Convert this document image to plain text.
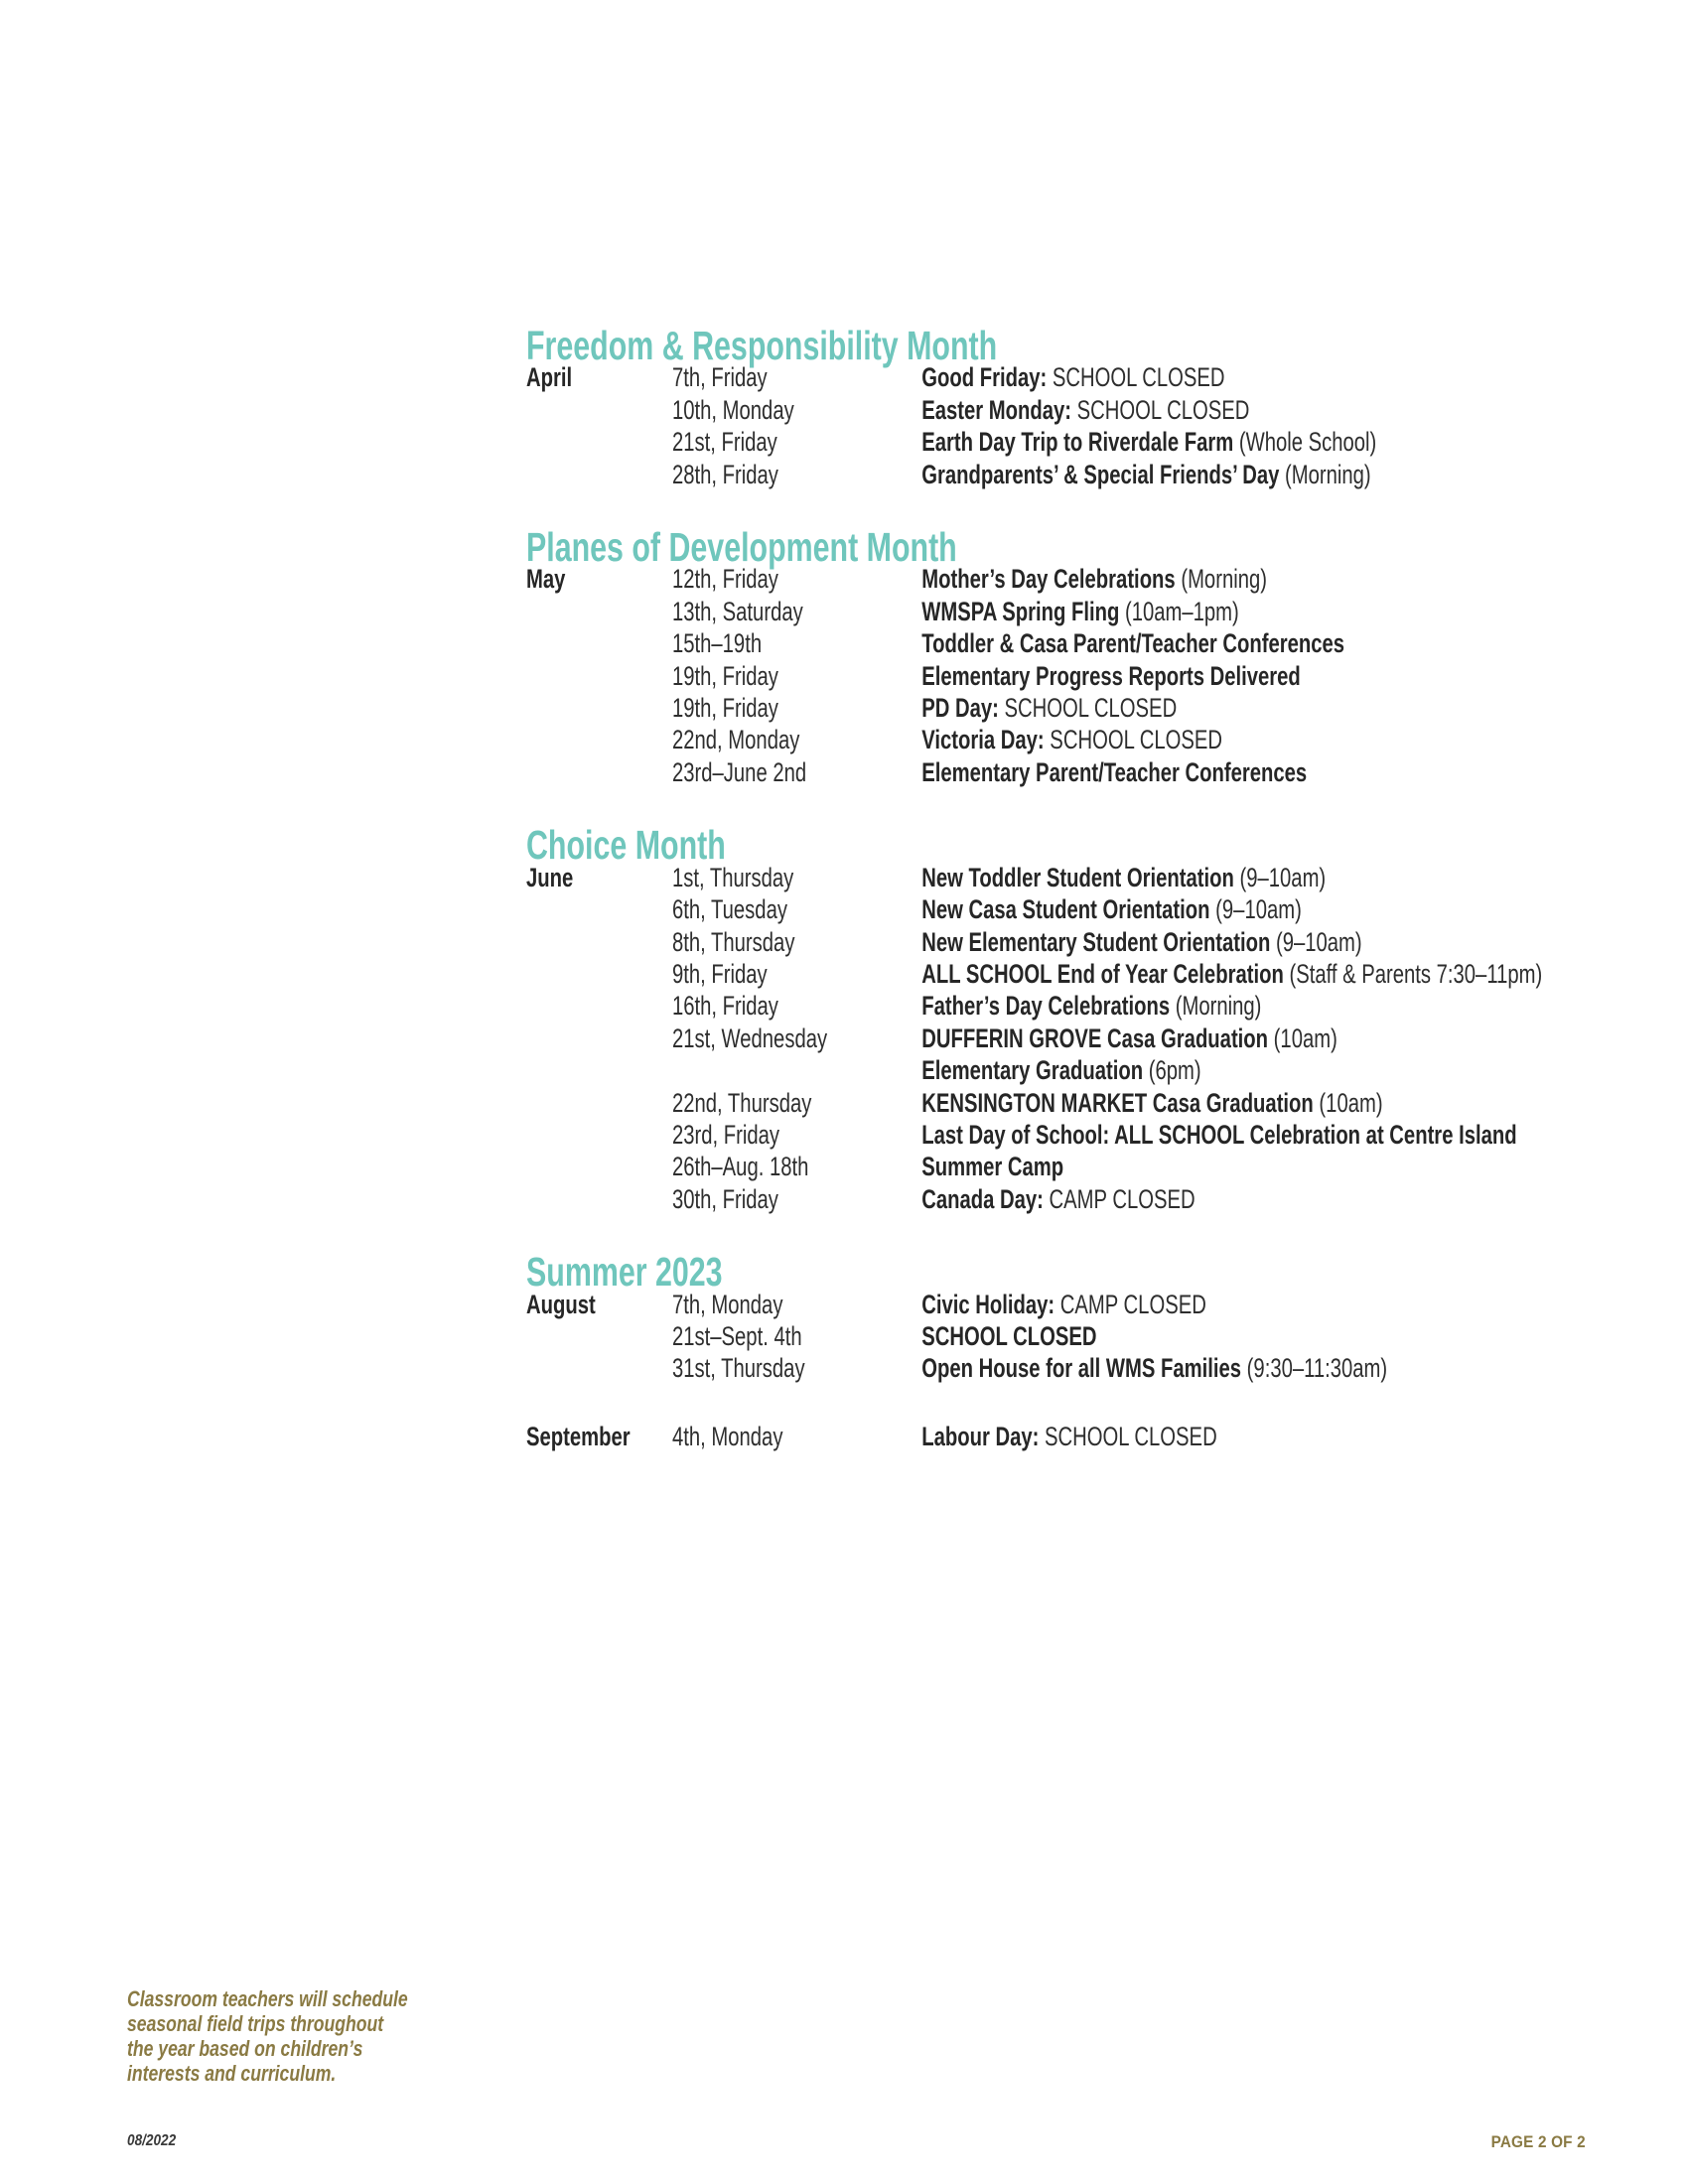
Freedom & Responsibility Month
April	7th, Friday	Good Friday: SCHOOL CLOSED
10th, Monday	Easter Monday: SCHOOL CLOSED
21st, Friday	Earth Day Trip to Riverdale Farm (Whole School)
28th, Friday	Grandparents’ & Special Friends’ Day (Morning)
Planes of Development Month
May	12th, Friday	Mother’s Day Celebrations (Morning)
13th, Saturday	WMSPA Spring Fling (10am–1pm)
15th–19th	Toddler & Casa Parent/Teacher Conferences
19th, Friday	Elementary Progress Reports Delivered
19th, Friday	PD Day: SCHOOL CLOSED
22nd, Monday	Victoria Day: SCHOOL CLOSED
23rd–June 2nd	Elementary Parent/Teacher Conferences
Choice Month
June	1st, Thursday	New Toddler Student Orientation (9–10am)
6th, Tuesday	New Casa Student Orientation (9–10am)
8th, Thursday	New Elementary Student Orientation (9–10am)
9th, Friday	ALL SCHOOL End of Year Celebration (Staff & Parents 7:30–11pm)
16th, Friday	Father’s Day Celebrations (Morning)
21st, Wednesday	DUFFERIN GROVE Casa Graduation (10am)
Elementary Graduation (6pm)
22nd, Thursday	KENSINGTON MARKET Casa Graduation (10am)
23rd, Friday	Last Day of School: ALL SCHOOL Celebration at Centre Island
26th–Aug. 18th	Summer Camp
30th, Friday	Canada Day: CAMP CLOSED
Summer 2023
August	7th, Monday	Civic Holiday: CAMP CLOSED
21st–Sept. 4th	SCHOOL CLOSED
31st, Thursday	Open House for all WMS Families (9:30–11:30am)
September	4th, Monday	Labour Day: SCHOOL CLOSED
Classroom teachers will schedule
seasonal field trips throughout
the year based on children’s
interests and curriculum.
08/2022	PAGE 2 OF 2
